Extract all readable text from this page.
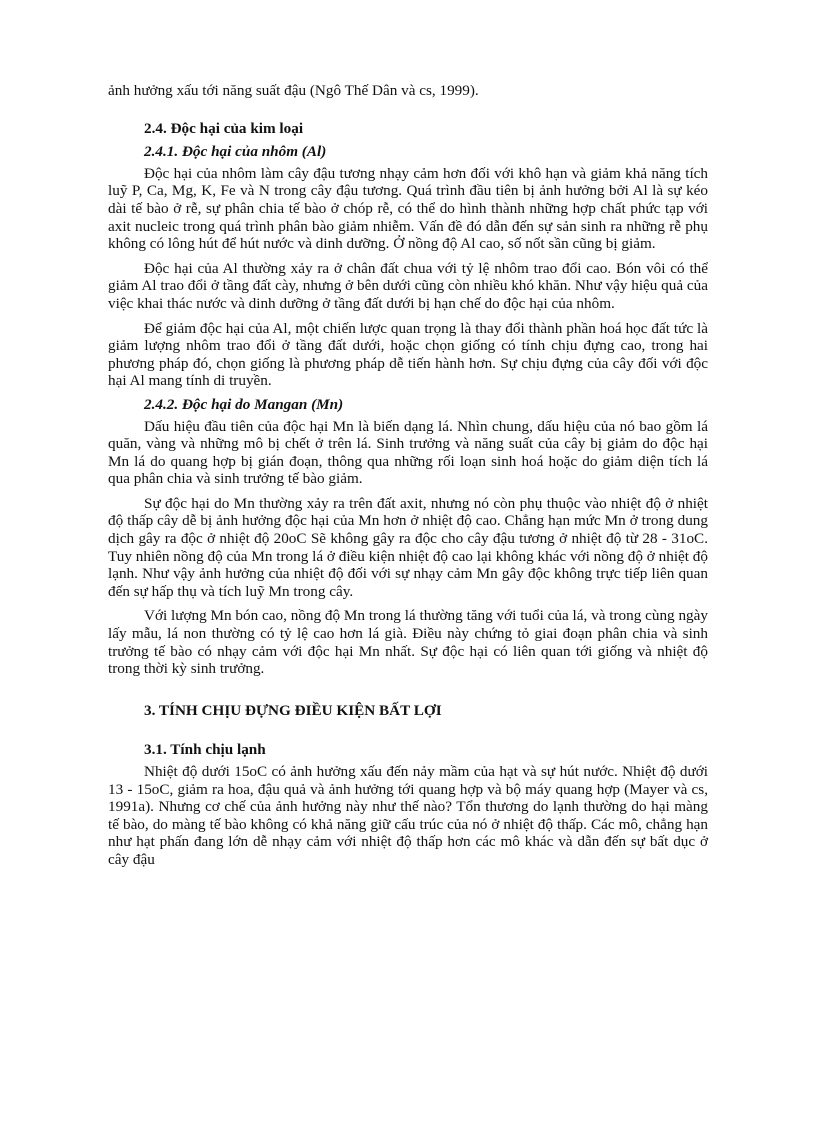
ảnh hưởng xấu tới năng suất đậu (Ngô Thế Dân và cs, 1999).

2.4. Độc hại của kim loại
2.4.1. Độc hại của nhôm (Al)

Độc hại của nhôm làm cây đậu tương nhạy cảm hơn đối với khô hạn và giảm khả năng tích luỹ P, Ca, Mg, K, Fe và N trong cây đậu tương. Quá trình đầu tiên bị ảnh hưởng bởi Al là sự kéo dài tế bào ở rễ, sự phân chia tế bào ở chóp rễ, có thể do hình thành những hợp chất phức tạp với axit nucleic trong quá trình phân bào giảm nhiễm. Vấn đề đó dẫn đến sự sản sinh ra những rễ phụ không có lông hút để hút nước và dinh dưỡng. Ở nồng độ Al cao, số nốt sần cũng bị giảm.

Độc hại của Al thường xảy ra ở chân đất chua với tỷ lệ nhôm trao đổi cao. Bón vôi có thể giảm Al trao đổi ở tầng đất cày, nhưng ở bên dưới cũng còn nhiều khó khăn. Như vậy hiệu quả của việc khai thác nước và dinh dưỡng ở tầng đất dưới bị hạn chế do độc hại của nhôm.

Để giảm độc hại của Al, một chiến lược quan trọng là thay đổi thành phần hoá học đất tức là giảm lượng nhôm trao đổi ở tầng đất dưới, hoặc chọn giống có tính chịu đựng cao, trong hai phương pháp đó, chọn giống là phương pháp dễ tiến hành hơn. Sự chịu đựng của cây đối với độc hại Al mang tính di truyền.

2.4.2. Độc hại do Mangan (Mn)

Dấu hiệu đầu tiên của độc hại Mn là biến dạng lá. Nhìn chung, dấu hiệu của nó bao gồm lá quăn, vàng và những mô bị chết ở trên lá. Sinh trưởng và năng suất của cây bị giảm do độc hại Mn lá do quang hợp bị gián đoạn, thông qua những rối loạn sinh hoá hoặc do giảm diện tích lá qua phân chia và sinh trưởng tế bào giảm.

Sự độc hại do Mn thường xảy ra trên đất axit, nhưng nó còn phụ thuộc vào nhiệt độ ở nhiệt độ thấp cây dễ bị ảnh hưởng độc hại của Mn hơn ở nhiệt độ cao. Chẳng hạn mức Mn ở trong dung dịch gây ra độc ở nhiệt độ 20oC Sẽ không gây ra độc cho cây đậu tương ở nhiệt độ từ 28 - 31oC. Tuy nhiên nồng độ của Mn trong lá ở điều kiện nhiệt độ cao lại không khác với nồng độ ở nhiệt độ lạnh. Như vậy ảnh hưởng của nhiệt độ đối với sự nhạy cảm Mn gây độc không trực tiếp liên quan đến sự hấp thụ và tích luỹ Mn trong cây.

Với lượng Mn bón cao, nồng độ Mn trong lá thường tăng với tuổi của lá, và trong cùng ngày lấy mẫu, lá non thường có tỷ lệ cao hơn lá già. Điều này chứng tỏ giai đoạn phân chia và sinh trưởng tế bào có nhạy cảm với độc hại Mn nhất. Sự độc hại có liên quan tới giống và nhiệt độ trong thời kỳ sinh trưởng.

3. TÍNH CHỊU ĐỰNG ĐIỀU KIỆN BẤT LỢI
3.1. Tính chịu lạnh

Nhiệt độ dưới 15oC có ảnh hưởng xấu đến nảy mầm của hạt và sự hút nước. Nhiệt độ dưới 13 - 15oC, giảm ra hoa, đậu quả và ảnh hưởng tới quang hợp và bộ máy quang hợp (Mayer và cs, 1991a). Nhưng cơ chế của ảnh hưởng này như thế nào? Tổn thương do lạnh thường do hại màng tế bào, do màng tế bào không có khả năng giữ cấu trúc của nó ở nhiệt độ thấp. Các mô, chẳng hạn như hạt phấn đang lớn dễ nhạy cảm với nhiệt độ thấp hơn các mô khác và dẫn đến sự bất dục ở cây đậu
